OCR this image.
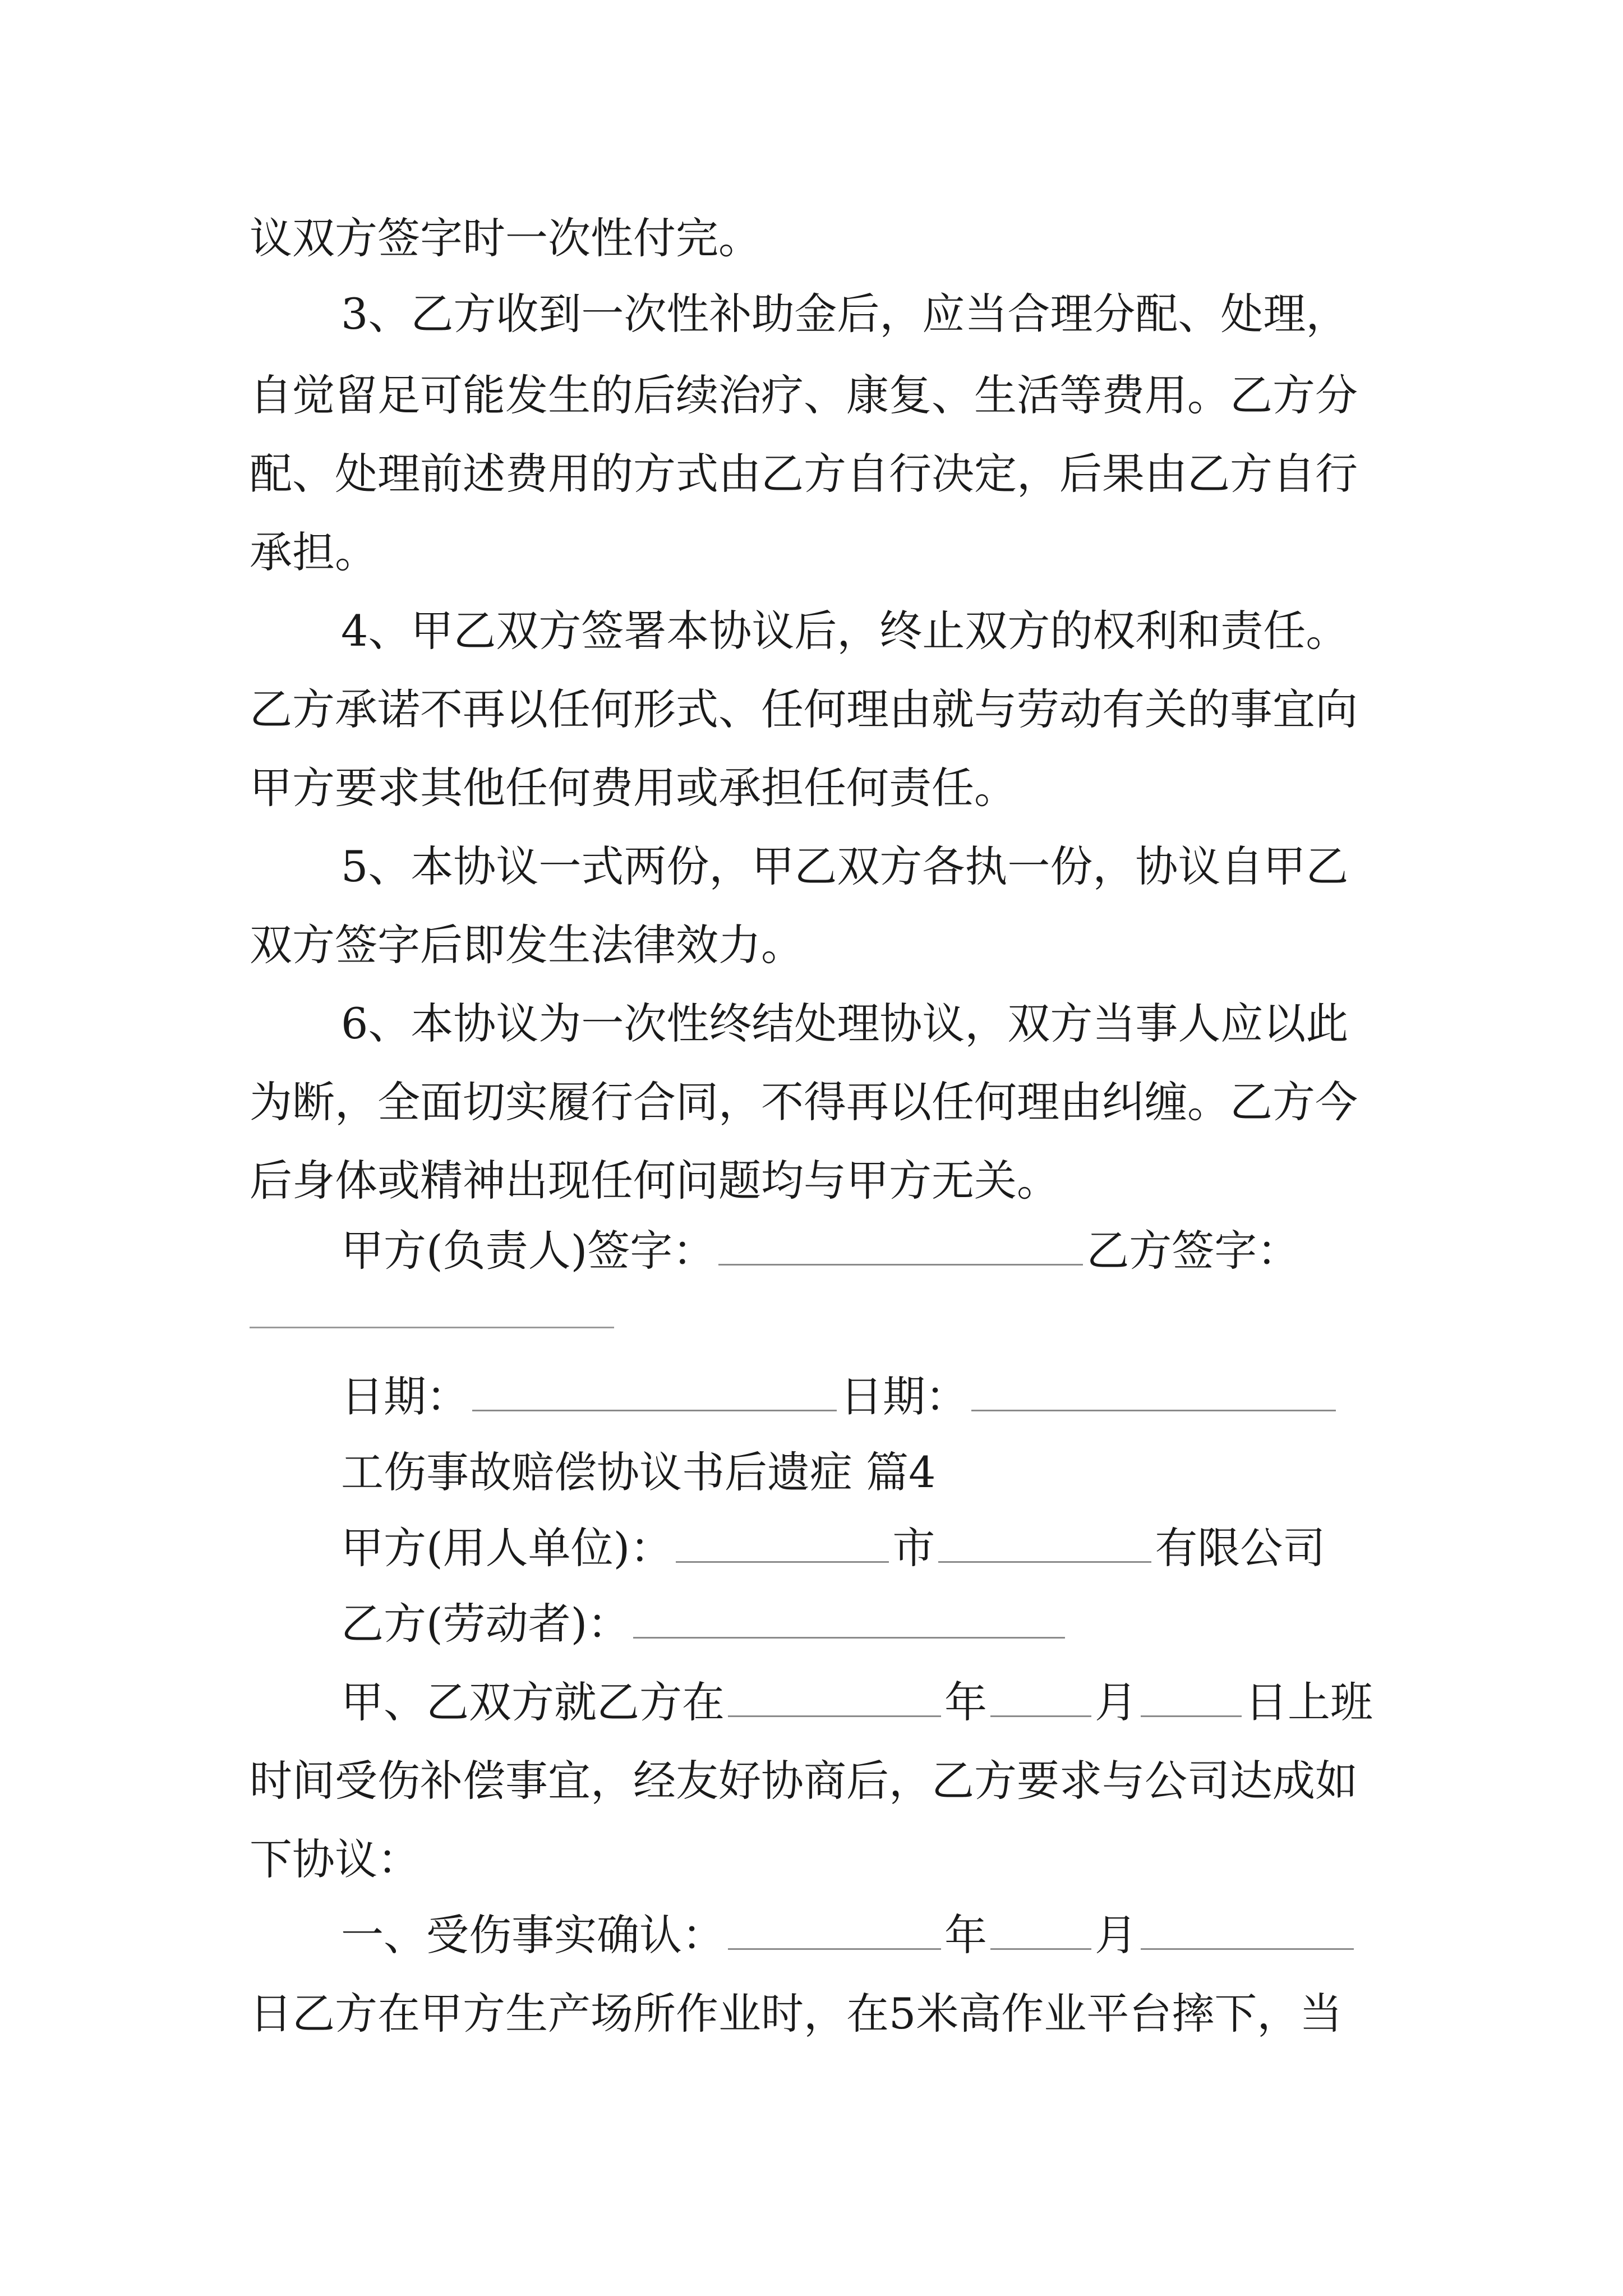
议双方签字时一次性付完。
3、乙方收到一次性补助金后，应当合理分配、处理，
自觉留足可能发生的后续治疗、康复、生活等费用。乙方分
配、处理前述费用的方式由乙方自行决定，后果由乙方自行
承担。
4、甲乙双方签署本协议后，终止双方的权利和责任。
乙方承诺不再以任何形式、任何理由就与劳动有关的事宜向
甲方要求其他任何费用或承担任何责任。
5、本协议一式两份，甲乙双方各执一份，协议自甲乙
双方签字后即发生法律效力。
6、本协议为一次性终结处理协议，双方当事人应以此
为断，全面切实履行合同，不得再以任何理由纠缠。乙方今
后身体或精神出现任何问题均与甲方无关。
甲方(负责人)签字：	乙方签字：
日期：	日期：
工伤事故赔偿协议书后遗症 篇4
甲方(用人单位)：	市	有限公司
乙方(劳动者)：
甲、乙双方就乙方在	年	月	日上班
时间受伤补偿事宜，经友好协商后，乙方要求与公司达成如
下协议：
一、受伤事实确认：	年	月
日乙方在甲方生产场所作业时，在5米高作业平台摔下，当
